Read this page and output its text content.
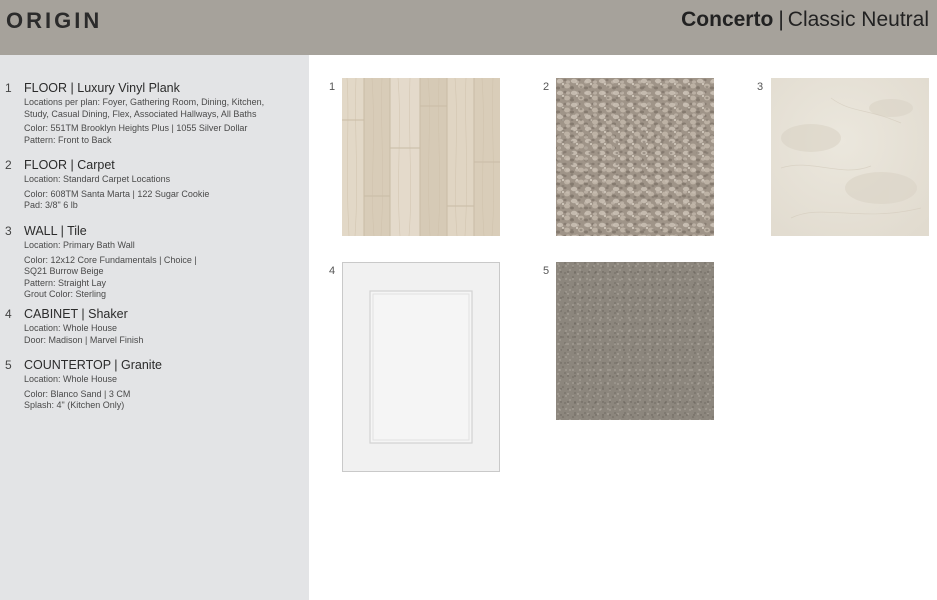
ORIGIN	Concerto | Classic Neutral
1 FLOOR | Luxury Vinyl Plank
Locations per plan: Foyer, Gathering Room, Dining, Kitchen,
Study, Casual Dining, Flex, Associated Hallways, All Baths
Color: 551TM Brooklyn Heights Plus | 1055 Silver Dollar
Pattern: Front to Back
2 FLOOR | Carpet
Location: Standard Carpet Locations
Color: 608TM Santa Marta | 122 Sugar Cookie
Pad: 3/8" 6 lb
3 WALL | Tile
Location: Primary Bath Wall
Color: 12x12 Core Fundamentals | Choice |
SQ21 Burrow Beige
Pattern: Straight Lay
Grout Color: Sterling
4 CABINET | Shaker
Location: Whole House
Door: Madison | Marvel Finish
5 COUNTERTOP | Granite
Location: Whole House
Color: Blanco Sand | 3 CM
Splash: 4" (Kitchen Only)
1	2	3
4	5
